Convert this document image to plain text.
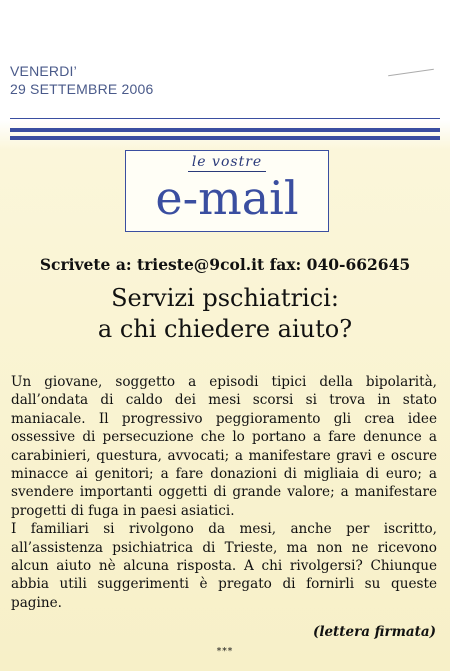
VENERDI’
29 SETTEMBRE 2006
le vostre
e-mail
Scrivete a: trieste@9col.it fax: 040-662645
Servizi pschiatrici:
a chi chiedere aiuto?

Un giovane, soggetto a episodi tipici della bipolarità, dall’ondata di caldo dei mesi scorsi si trova in stato maniacale. Il progressivo peggioramento gli crea idee ossessive di persecuzione che lo portano a fare denunce a carabinieri, questura, avvocati; a manifestare gravi e oscure minacce ai genitori; a fare donazioni di migliaia di euro; a svendere importanti oggetti di grande valore; a manifestare progetti di fuga in paesi asiatici.

I familiari si rivolgono da mesi, anche per iscritto, all’assistenza psichiatrica di Trieste, ma non ne ricevono alcun aiuto nè alcuna risposta. A chi rivolgersi? Chiunque abbia utili suggerimenti è pregato di fornirli su queste pagine.

(lettera firmata)
***
